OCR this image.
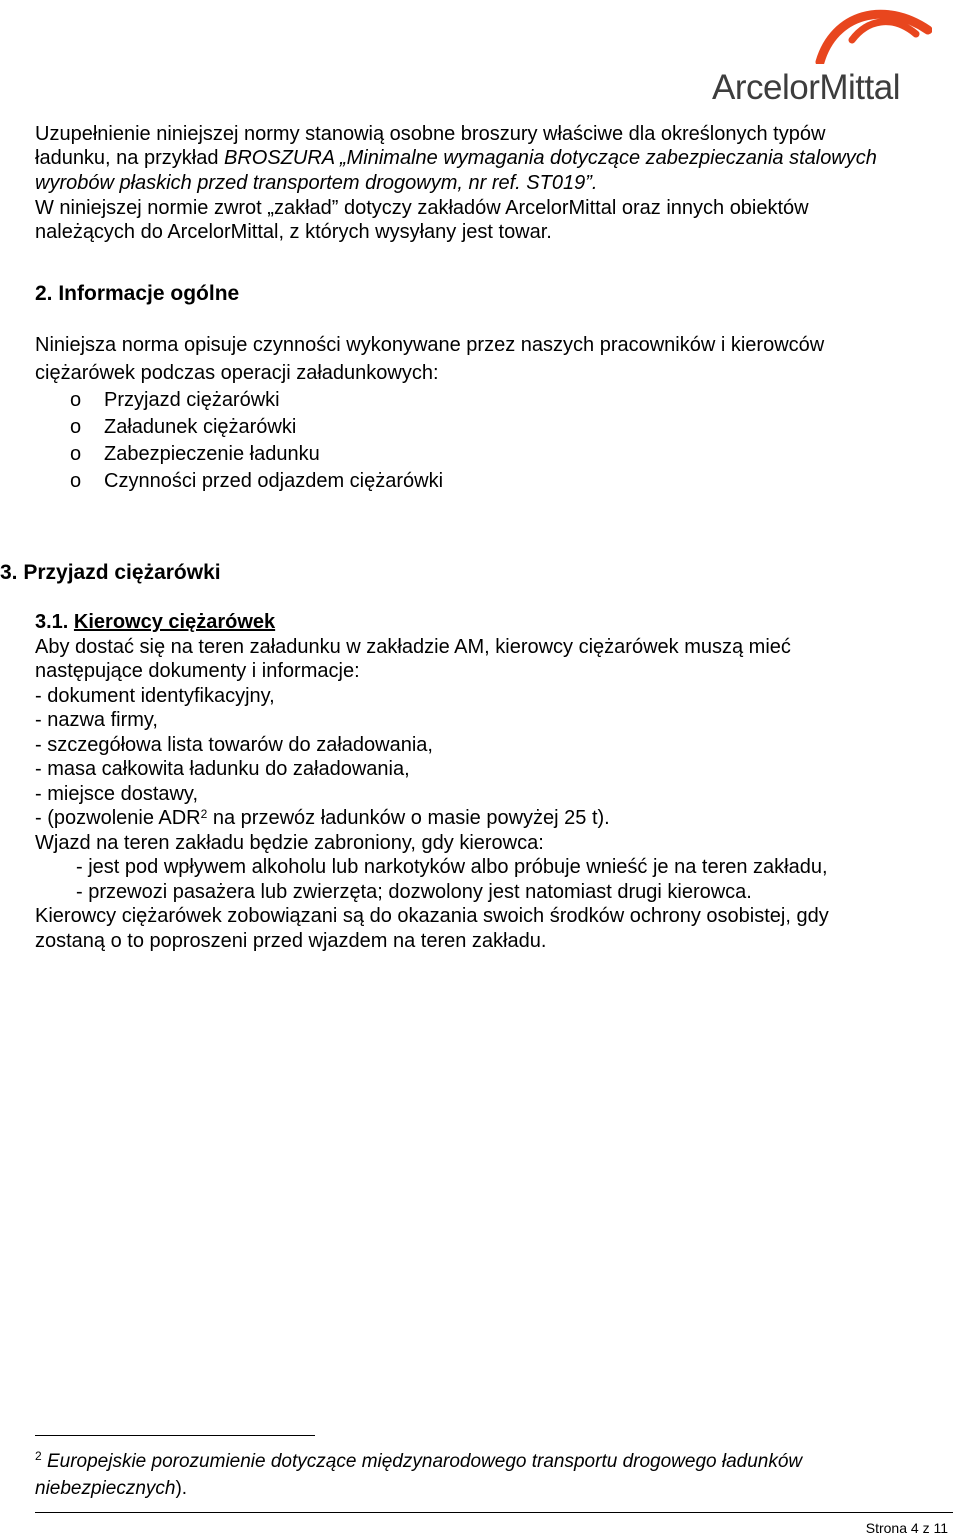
ArcelorMittal
Uzupełnienie niniejszej normy stanowią osobne broszury właściwe dla określonych typów
ładunku, na przykład BROSZURA „Minimalne wymagania dotyczące zabezpieczania stalowych
wyrobów płaskich przed transportem drogowym, nr ref. ST019”.
W niniejszej normie zwrot „zakład” dotyczy zakładów ArcelorMittal oraz innych obiektów
należących do ArcelorMittal, z których wysyłany jest towar.
2. Informacje ogólne
Niniejsza norma opisuje czynności wykonywane przez naszych pracowników i kierowców
ciężarówek podczas operacji załadunkowych:
o Przyjazd ciężarówki
o Załadunek ciężarówki
o Zabezpieczenie ładunku
o Czynności przed odjazdem ciężarówki
3. Przyjazd ciężarówki
3.1. Kierowcy ciężarówek
Aby dostać się na teren załadunku w zakładzie AM, kierowcy ciężarówek muszą mieć
następujące dokumenty i informacje:
- dokument identyfikacyjny,
- nazwa firmy,
- szczegółowa lista towarów do załadowania,
- masa całkowita ładunku do załadowania,
- miejsce dostawy,
- (pozwolenie ADR$^2$ na przewóz ładunków o masie powyżej 25 t).
Wjazd na teren zakładu będzie zabroniony, gdy kierowca:
- jest pod wpływem alkoholu lub narkotyków albo próbuje wnieść je na teren zakładu,
- przewozi pasażera lub zwierzęta; dozwolony jest natomiast drugi kierowca.
Kierowcy ciężarówek zobowiązani są do okazania swoich środków ochrony osobistej, gdy
zostaną o to poproszeni przed wjazdem na teren zakładu.
$^2$ Europejskie porozumienie dotyczące międzynarodowego transportu drogowego ładunków
niebezpiecznych).
Strona 4 z 11
